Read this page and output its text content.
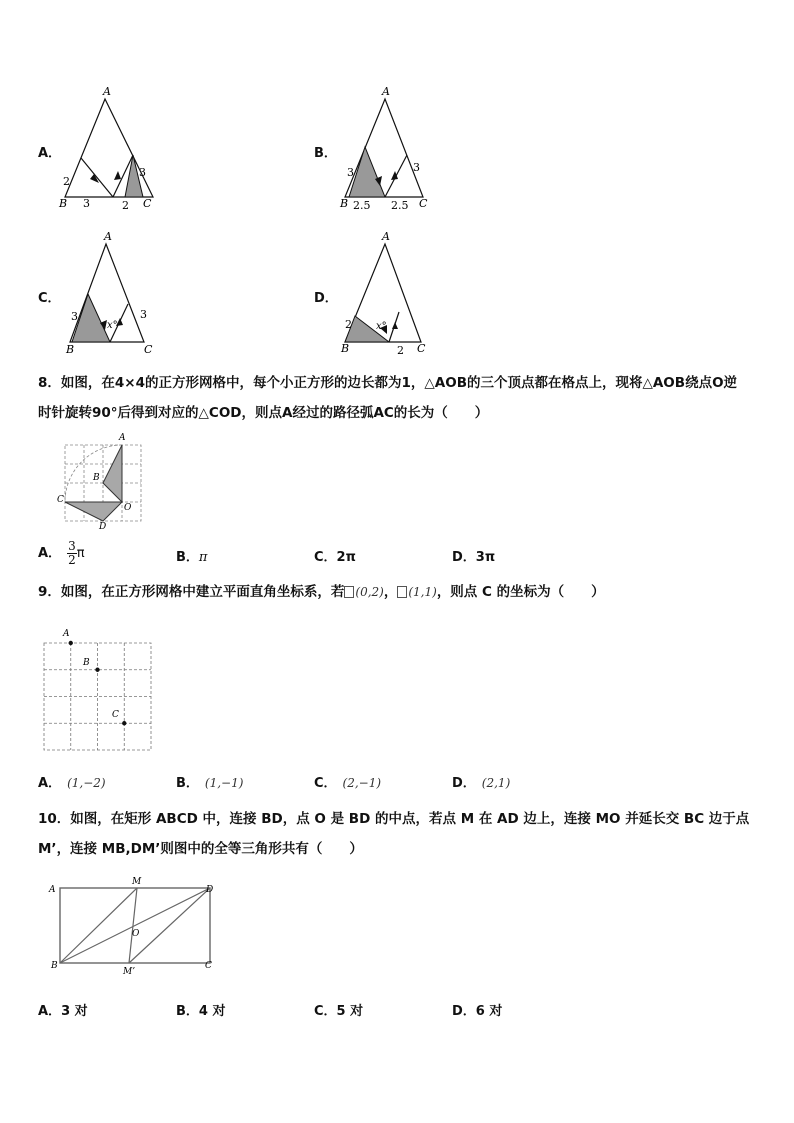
A．
A
B	C
2
3	2
3
B．
A
B	C
3
2.5 2.5
3
C．
A
B	C
3	3
x°
D．
A
B	C
2
2
x°
8．如图，在4×4的正方形网格中，每个小正方形的边长都为1，△AOB的三个顶点都在格点上，现将△AOB绕点O逆
时针旋转90°后得到对应的△COD，则点A经过的路径弧AC的长为（　　）
A
B
C
O
D
A． $\frac{3}{2}$ π	B．π	C．2π	D．3π
9．如图，在正方形网格中建立平面直角坐标系，若 (0,2)， (1,1)，则点 C 的坐标为（　　）
A
B
C
A． (1,−2)	B． (1,−1)	C． (2,−1)	D． (2,1)
10．如图，在矩形 ABCD 中，连接 BD，点 O 是 BD 的中点，若点 M 在 AD 边上，连接 MO 并延长交 BC 边于点
M’，连接 MB,DM’则图中的全等三角形共有（　　）
A
M
D
O
B
M’
C
A．3 对	B．4 对	C．5 对	D．6 对
